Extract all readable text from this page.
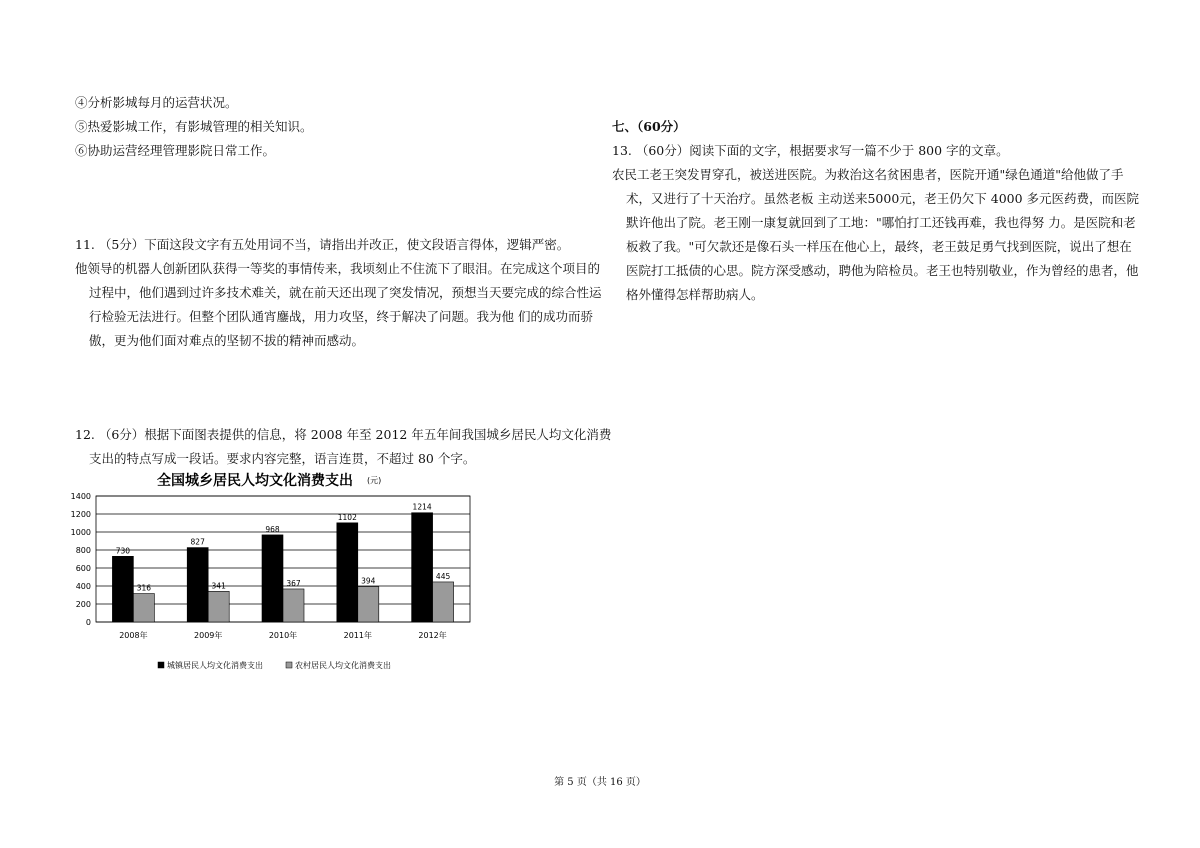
④分析影城每月的运营状况。
⑤热爱影城工作，有影城管理的相关知识。
⑥协助运营经理管理影院日常工作。
11. （5分）下面这段文字有五处用词不当，请指出并改正，使文段语言得体，逻辑严密。
他领导的机器人创新团队获得一等奖的事情传来，我顷刻止不住流下了眼泪。在完成这个项目的
过程中，他们遇到过许多技术难关，就在前天还出现了突发情况，预想当天要完成的综合性运
行检验无法进行。但整个团队通宵鏖战，用力攻坚，终于解决了问题。我为他 们的成功而骄
傲，更为他们面对难点的坚韧不拔的精神而感动。
12. （6分）根据下面图表提供的信息，将 2008 年至 2012 年五年间我国城乡居民人均文化消费
支出的特点写成一段话。要求内容完整，语言连贯，不超过 80 个字。
全国城乡居民人均文化消费支出 (元)
0
200
400
600
800
1000
1200
1400
730
316
2008年
827
341
2009年
968
367
2010年
1102
394
2011年
1214
445
2012年
城镇居民人均文化消费支出	农村居民人均文化消费支出
七、（60分）
13. （60分）阅读下面的文字，根据要求写一篇不少于 800 字的文章。
农民工老王突发胃穿孔，被送进医院。为救治这名贫困患者，医院开通"绿色通道"给他做了手
术，又进行了十天治疗。虽然老板 主动送来5000元，老王仍欠下 4000 多元医药费，而医院
默许他出了院。老王刚一康复就回到了工地："哪怕打工还钱再难，我也得努 力。是医院和老
板救了我。"可欠款还是像石头一样压在他心上，最终，老王鼓足勇气找到医院，说出了想在
医院打工抵债的心思。院方深受感动，聘他为陪检员。老王也特别敬业，作为曾经的患者，他
格外懂得怎样帮助病人。
第 5 页（共 16 页）
